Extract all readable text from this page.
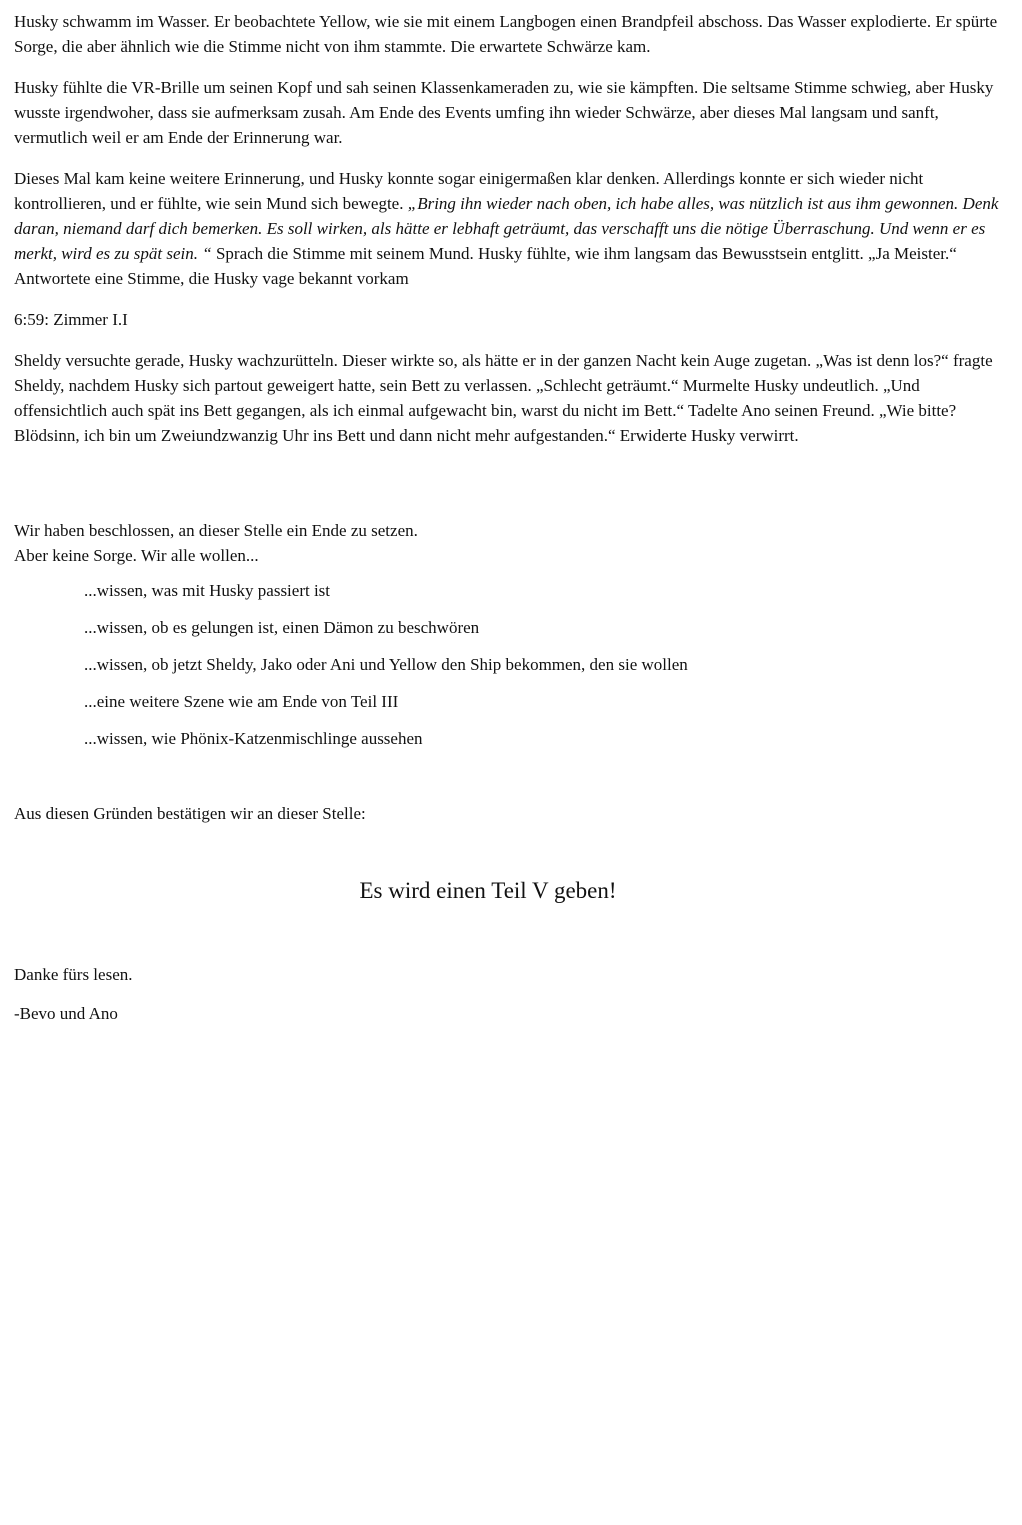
Husky schwamm im Wasser. Er beobachtete Yellow, wie sie mit einem Langbogen einen Brandpfeil abschoss. Das Wasser explodierte. Er spürte Sorge, die aber ähnlich wie die Stimme nicht von ihm stammte. Die erwartete Schwärze kam.

Husky fühlte die VR-Brille um seinen Kopf und sah seinen Klassenkameraden zu, wie sie kämpften. Die seltsame Stimme schwieg, aber Husky wusste irgendwoher, dass sie aufmerksam zusah. Am Ende des Events umfing ihn wieder Schwärze, aber dieses Mal langsam und sanft, vermutlich weil er am Ende der Erinnerung war.

Dieses Mal kam keine weitere Erinnerung, und Husky konnte sogar einigermaßen klar denken. Allerdings konnte er sich wieder nicht kontrollieren, und er fühlte, wie sein Mund sich bewegte. „Bring ihn wieder nach oben, ich habe alles, was nützlich ist aus ihm gewonnen. Denk daran, niemand darf dich bemerken. Es soll wirken, als hätte er lebhaft geträumt, das verschafft uns die nötige Überraschung. Und wenn er es merkt, wird es zu spät sein. “ Sprach die Stimme mit seinem Mund. Husky fühlte, wie ihm langsam das Bewusstsein entglitt. „Ja Meister.“ Antwortete eine Stimme, die Husky vage bekannt vorkam

6:59: Zimmer I.I

Sheldy versuchte gerade, Husky wachzurütteln. Dieser wirkte so, als hätte er in der ganzen Nacht kein Auge zugetan. „Was ist denn los?“ fragte Sheldy, nachdem Husky sich partout geweigert hatte, sein Bett zu verlassen. „Schlecht geträumt.“ Murmelte Husky undeutlich. „Und offensichtlich auch spät ins Bett gegangen, als ich einmal aufgewacht bin, warst du nicht im Bett.“ Tadelte Ano seinen Freund. „Wie bitte? Blödsinn, ich bin um Zweiundzwanzig Uhr ins Bett und dann nicht mehr aufgestanden.“ Erwiderte Husky verwirrt.

Wir haben beschlossen, an dieser Stelle ein Ende zu setzen.

Aber keine Sorge. Wir alle wollen...

...wissen, was mit Husky passiert ist

...wissen, ob es gelungen ist, einen Dämon zu beschwören

...wissen, ob jetzt Sheldy, Jako oder Ani und Yellow den Ship bekommen, den sie wollen

...eine weitere Szene wie am Ende von Teil III

...wissen, wie Phönix-Katzenmischlinge aussehen

Aus diesen Gründen bestätigen wir an dieser Stelle:

Es wird einen Teil V geben!

Danke fürs lesen.

-Bevo und Ano
